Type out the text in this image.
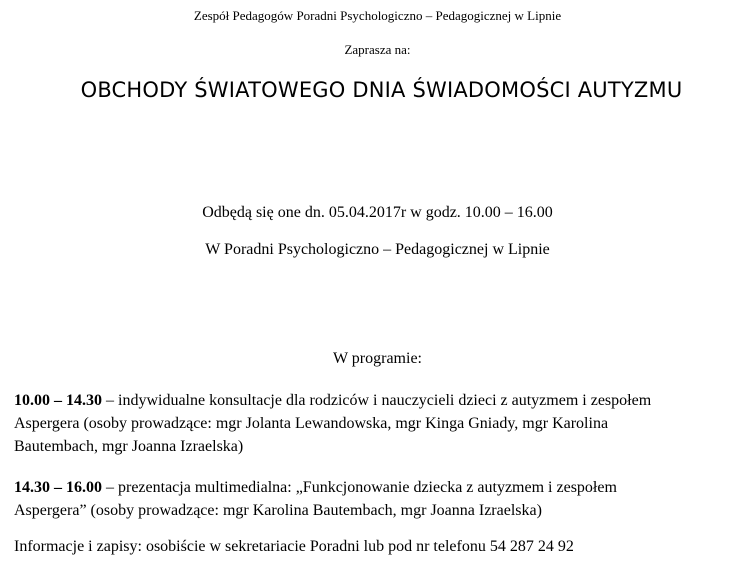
Zespół Pedagogów Poradni Psychologiczno – Pedagogicznej w Lipnie
Zaprasza na:
OBCHODY ŚWIATOWEGO DNIA ŚWIADOMOŚCI AUTYZMU
Odbędą się one dn. 05.04.2017r w godz. 10.00 – 16.00
W Poradni Psychologiczno – Pedagogicznej w Lipnie
W programie:
10.00 – 14.30 – indywidualne konsultacje dla rodziców i nauczycieli dzieci z autyzmem i zespołem
Aspergera (osoby prowadzące: mgr Jolanta Lewandowska, mgr Kinga Gniady, mgr Karolina
Bautembach, mgr Joanna Izraelska)
14.30 – 16.00 – prezentacja multimedialna: „Funkcjonowanie dziecka z autyzmem i zespołem
Aspergera” (osoby prowadzące: mgr Karolina Bautembach, mgr Joanna Izraelska)
Informacje i zapisy: osobiście w sekretariacie Poradni lub pod nr telefonu 54 287 24 92
